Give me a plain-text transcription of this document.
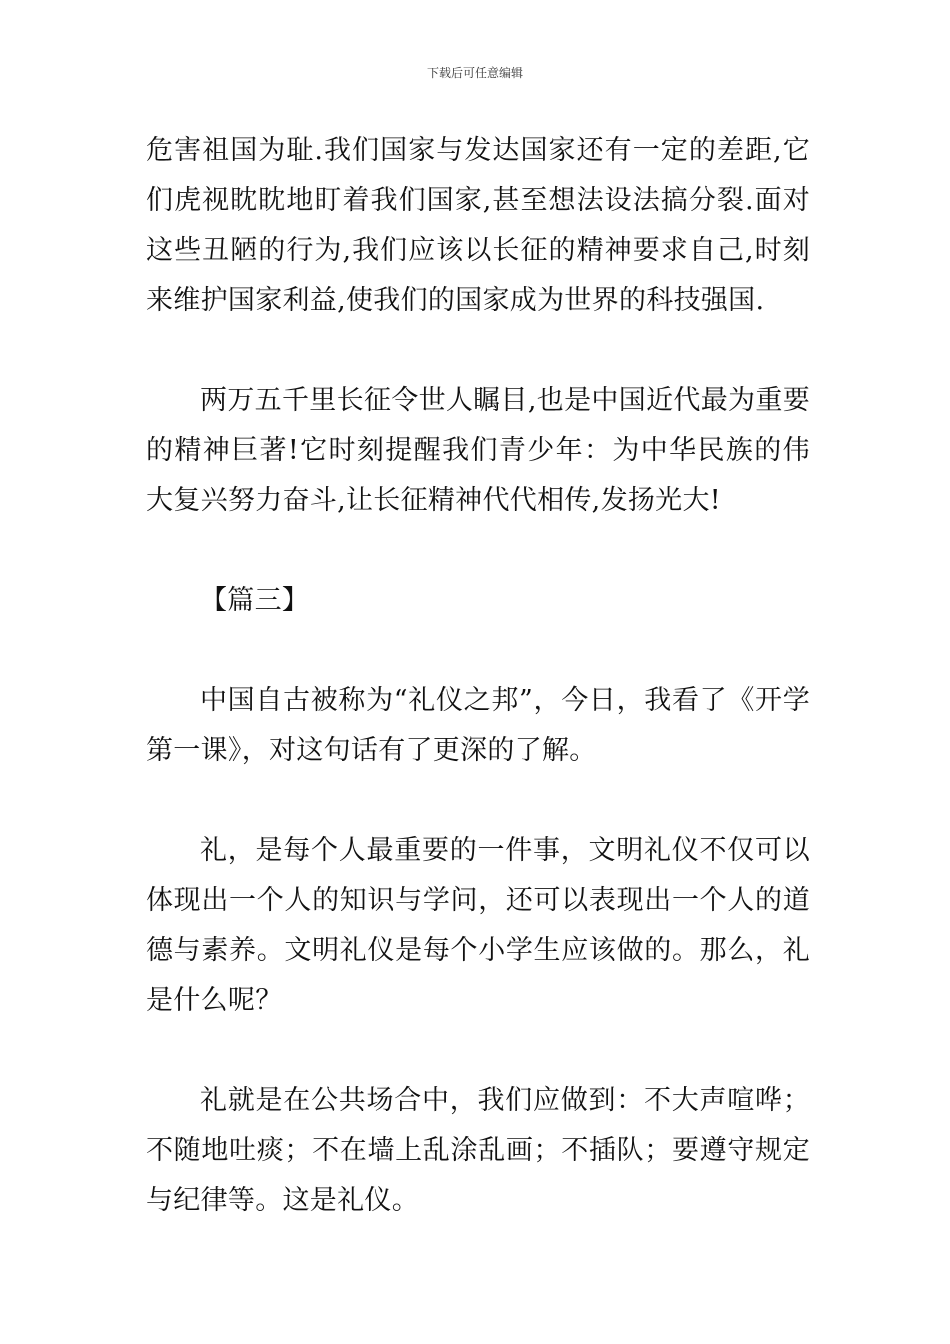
下载后可任意编辑

危害祖国为耻.我们国家与发达国家还有一定的差距,它们虎视眈眈地盯着我们国家,甚至想法设法搞分裂.面对这些丑陋的行为,我们应该以长征的精神要求自己,时刻来维护国家利益,使我们的国家成为世界的科技强国.

两万五千里长征令世人瞩目,也是中国近代最为重要的精神巨著!它时刻提醒我们青少年：为中华民族的伟大复兴努力奋斗,让长征精神代代相传,发扬光大!

【篇三】

中国自古被称为“礼仪之邦”，今日，我看了《开学第一课》，对这句话有了更深的了解。

礼，是每个人最重要的一件事，文明礼仪不仅可以体现出一个人的知识与学问，还可以表现出一个人的道德与素养。文明礼仪是每个小学生应该做的。那么，礼是什么呢？

礼就是在公共场合中，我们应做到：不大声喧哗；不随地吐痰；不在墙上乱涂乱画；不插队；要遵守规定与纪律等。这是礼仪。
